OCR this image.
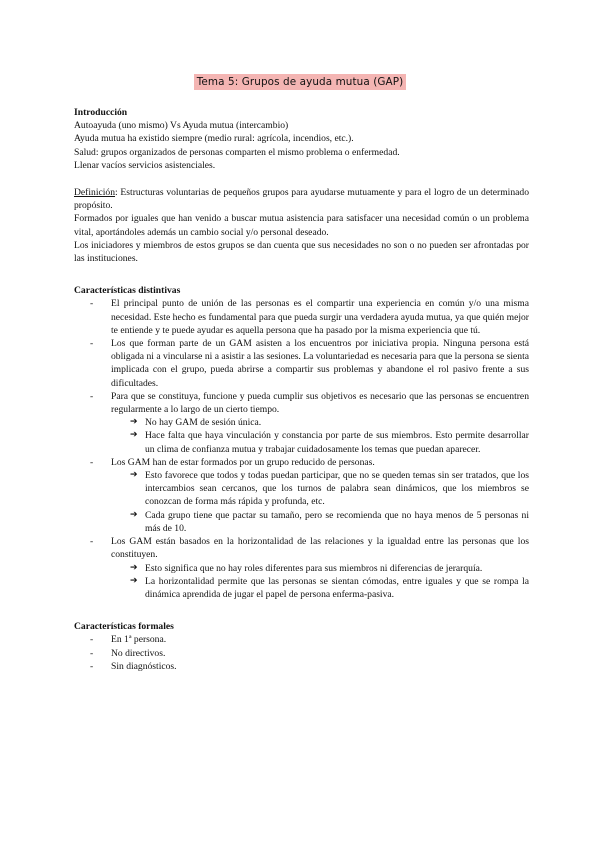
Tema 5: Grupos de ayuda mutua (GAP)

Introducción

Autoayuda (uno mismo) Vs Ayuda mutua (intercambio)

Ayuda mutua ha existido siempre (medio rural: agrícola, incendios, etc.).

Salud: grupos organizados de personas comparten el mismo problema o enfermedad.

Llenar vacíos servicios asistenciales.

Definición: Estructuras voluntarias de pequeños grupos para ayudarse mutuamente y para el logro de un determinado propósito.

Formados por iguales que han venido a buscar mutua asistencia para satisfacer una necesidad común o un problema vital, aportándoles además un cambio social y/o personal deseado.

Los iniciadores y miembros de estos grupos se dan cuenta que sus necesidades no son o no pueden ser afrontadas por las instituciones.

Características distintivas

- El principal punto de unión de las personas es el compartir una experiencia en común y/o una misma necesidad. Este hecho es fundamental para que pueda surgir una verdadera ayuda mutua, ya que quién mejor te entiende y te puede ayudar es aquella persona que ha pasado por la misma experiencia que tú.
- Los que forman parte de un GAM asisten a los encuentros por iniciativa propia. Ninguna persona está obligada ni a vincularse ni a asistir a las sesiones. La voluntariedad es necesaria para que la persona se sienta implicada con el grupo, pueda abrirse a compartir sus problemas y abandone el rol pasivo frente a sus dificultades.
- Para que se constituya, funcione y pueda cumplir sus objetivos es necesario que las personas se encuentren regularmente a lo largo de un cierto tiempo.
➔ No hay GAM de sesión única.
➔ Hace falta que haya vinculación y constancia por parte de sus miembros. Esto permite desarrollar un clima de confianza mutua y trabajar cuidadosamente los temas que puedan aparecer.
- Los GAM han de estar formados por un grupo reducido de personas.
➔ Esto favorece que todos y todas puedan participar, que no se queden temas sin ser tratados, que los intercambios sean cercanos, que los turnos de palabra sean dinámicos, que los miembros se conozcan de forma más rápida y profunda, etc.
➔ Cada grupo tiene que pactar su tamaño, pero se recomienda que no haya menos de 5 personas ni más de 10.
- Los GAM están basados en la horizontalidad de las relaciones y la igualdad entre las personas que los constituyen.
➔ Esto significa que no hay roles diferentes para sus miembros ni diferencias de jerarquía.
➔ La horizontalidad permite que las personas se sientan cómodas, entre iguales y que se rompa la dinámica aprendida de jugar el papel de persona enferma-pasiva.

Características formales

- En 1ª persona.
- No directivos.
- Sin diagnósticos.
